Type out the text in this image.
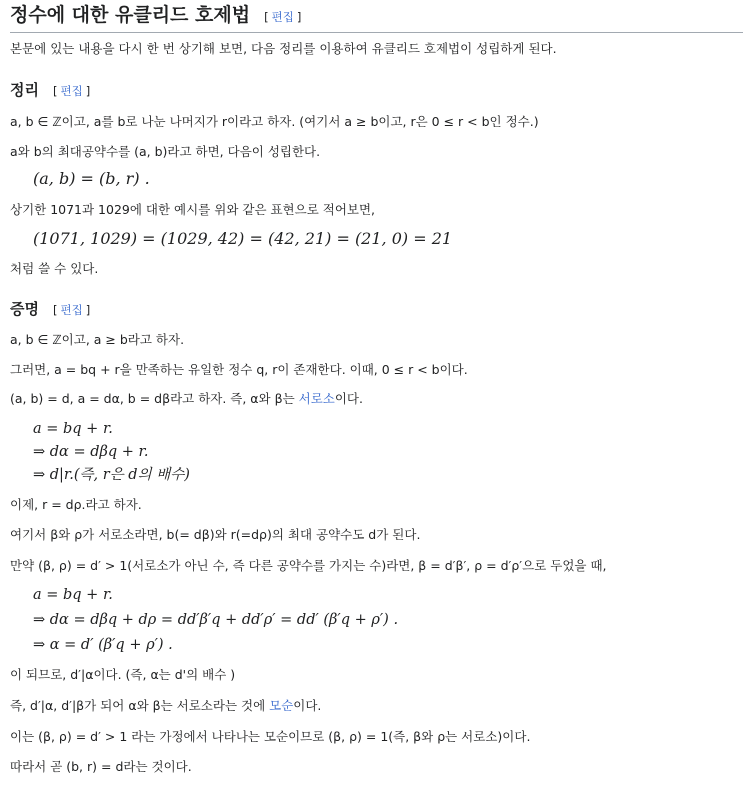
정수에 대한 유클리드 호제법 [ 편집 ]
본문에 있는 내용을 다시 한 번 상기해 보면, 다음 정리를 이용하여 유클리드 호제법이 성립하게 된다.
정리 [ 편집 ]
a, b ∈ ℤ이고, a를 b로 나눈 나머지가 r이라고 하자. (여기서 a ≥ b이고, r은 0 ≤ r < b인 정수.)
a와 b의 최대공약수를 (a, b)라고 하면, 다음이 성립한다.
(a, b) = (b, r) .
상기한 1071과 1029에 대한 예시를 위와 같은 표현으로 적어보면,
(1071, 1029) = (1029, 42) = (42, 21) = (21, 0) = 21
처럼 쓸 수 있다.
증명 [ 편집 ]
a, b ∈ ℤ이고, a ≥ b라고 하자.
그러면, a = bq + r을 만족하는 유일한 정수 q, r이 존재한다. 이때, 0 ≤ r < b이다.
(a, b) = d, a = dα, b = dβ라고 하자. 즉, α와 β는 서로소이다.
a = bq + r.
⇒ dα = dβq + r.
⇒ d|r.(즉, r은 d의 배수)
이제, r = dρ.라고 하자.
여기서 β와 ρ가 서로소라면, b(= dβ)와 r(=dρ)의 최대 공약수도 d가 된다.
만약 (β, ρ) = d′ > 1(서로소가 아닌 수, 즉 다른 공약수를 가지는 수)라면, β = d′β′, ρ = d′ρ′으로 두었을 때,
a = bq + r.
⇒ dα = dβq + dρ = dd′β′q + dd′ρ′ = dd′ (β′q + ρ′) .
⇒ α = d′ (β′q + ρ′) .
이 되므로, d′|α이다. (즉, α는 d'의 배수 )
즉, d′|α, d′|β가 되어 α와 β는 서로소라는 것에 모순이다.
이는 (β, ρ) = d′ > 1 라는 가정에서 나타나는 모순이므로 (β, ρ) = 1(즉, β와 ρ는 서로소)이다.
따라서 곧 (b, r) = d라는 것이다.
